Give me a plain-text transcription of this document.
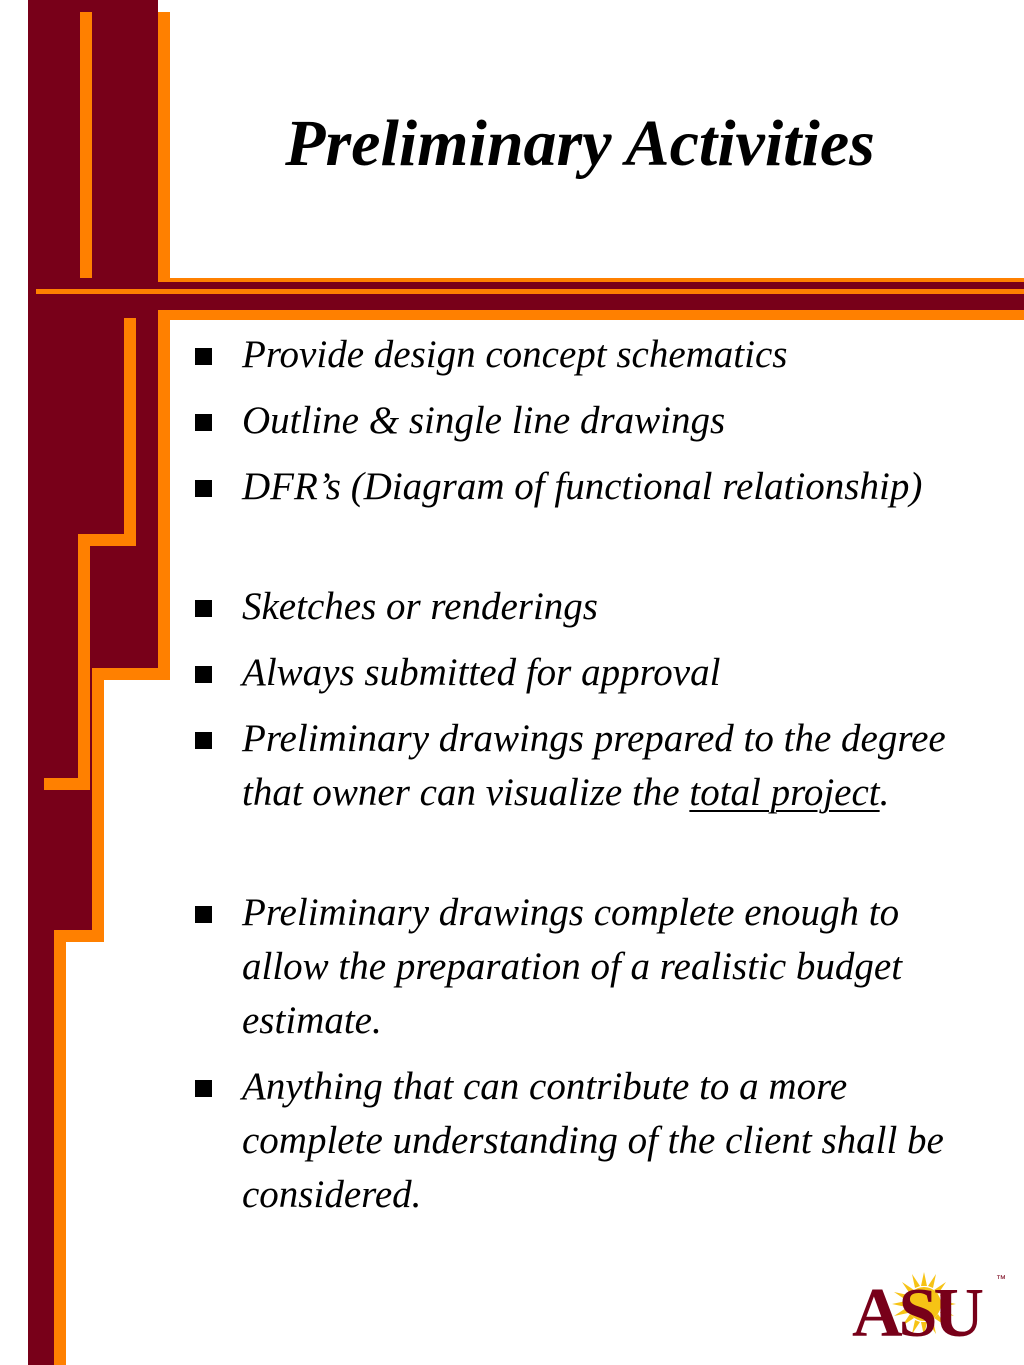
Preliminary Activities
Provide design concept schematics
Outline & single line drawings
DFR’s (Diagram of functional relationship)
Sketches or renderings
Always submitted for approval
Preliminary drawings prepared to the degree that owner can visualize the total project.
Preliminary drawings complete enough to allow the preparation of a realistic budget estimate.
Anything that can contribute to a more complete understanding of the client shall be considered.
ASU ™
